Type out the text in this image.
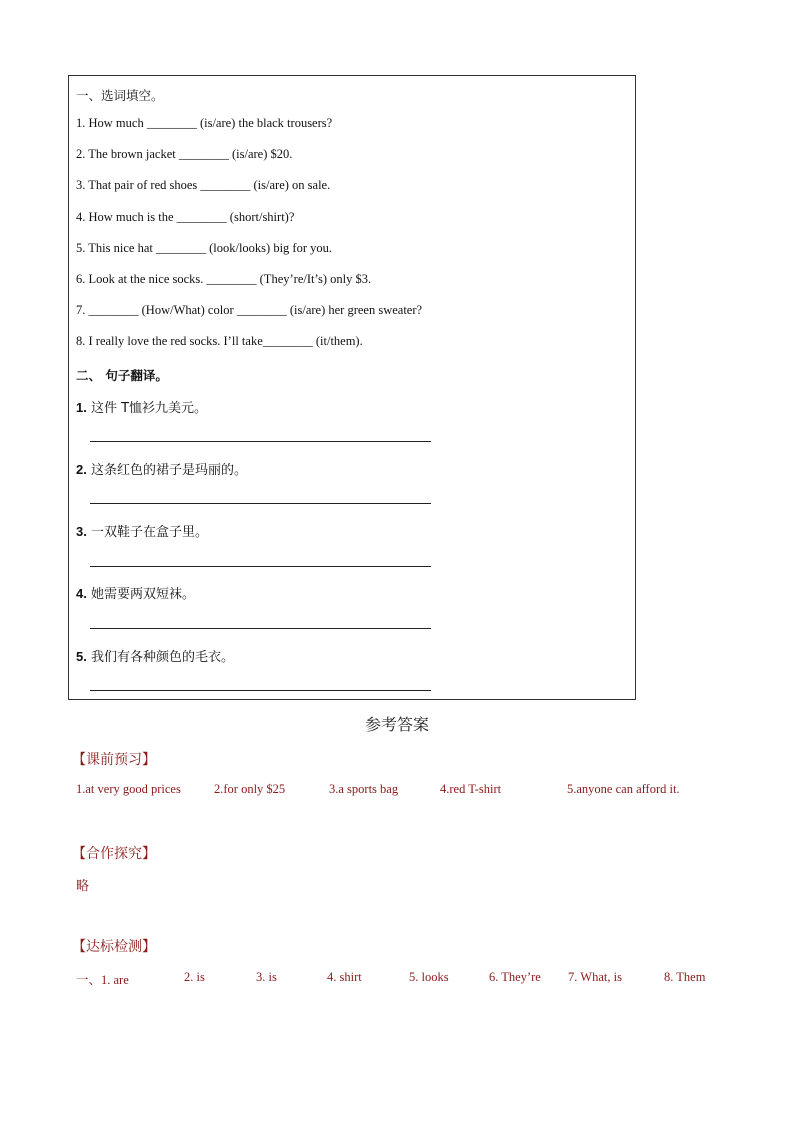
一、选词填空。
1. How much ________ (is/are) the black trousers?
2. The brown jacket ________ (is/are) $20.
3. That pair of red shoes ________ (is/are) on sale.
4. How much is the ________ (short/shirt)?
5. This nice hat ________ (look/looks) big for you.
6. Look at the nice socks. ________ (They’re/It’s) only $3.
7. ________ (How/What) color ________ (is/are) her green sweater?
8. I really love the red socks. I’ll take________ (it/them).
二、 句子翻译。
1. 这件 T恤衫九美元。
2. 这条红色的裙子是玛丽的。
3. 一双鞋子在盒子里。
4. 她需要两双短袜。
5. 我们有各种颜色的毛衣。
参考答案
【课前预习】
1.at very good prices	2.for only $25	3.a sports bag	4.red T-shirt	5.anyone can afford it.
【合作探究】
略
【达标检测】
一、1. are	2. is	3. is	4. shirt	5. looks	6. They’re 7. What, is	8. Them
